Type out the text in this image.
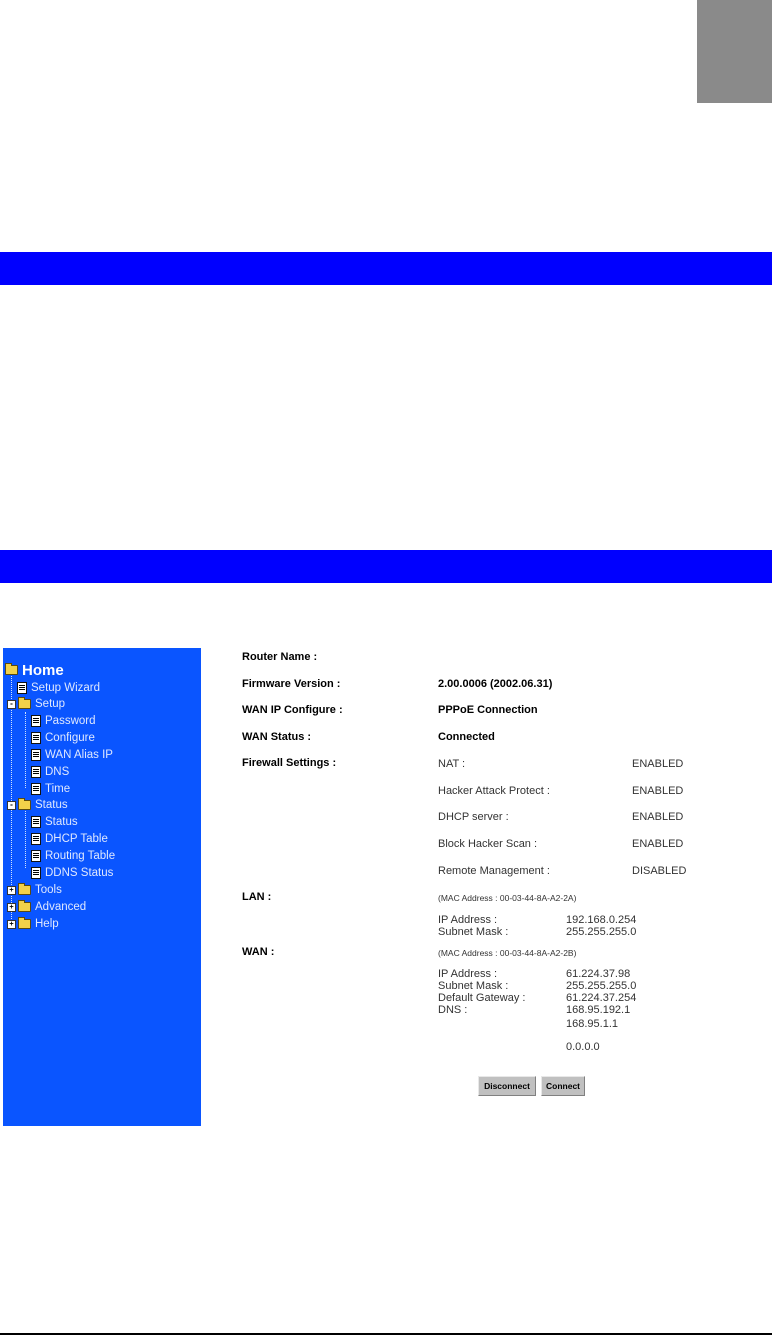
Home
Setup Wizard
- Setup
Password
Configure
WAN Alias IP
DNS
Time
- Status
Status
DHCP Table
Routing Table
DDNS Status
+ Tools
+ Advanced
+ Help
Router Name :
Firmware Version :	2.00.0006 (2002.06.31)
WAN IP Configure :	PPPoE Connection
WAN Status :	Connected
Firewall Settings :	NAT :	ENABLED
Hacker Attack Protect :	ENABLED
DHCP server :	ENABLED
Block Hacker Scan :	ENABLED
Remote Management :	DISABLED
LAN :	(MAC Address : 00-03-44-8A-A2-2A)
IP Address :	192.168.0.254
Subnet Mask :	255.255.255.0
WAN :	(MAC Address : 00-03-44-8A-A2-2B)
IP Address :	61.224.37.98
Subnet Mask :	255.255.255.0
Default Gateway :	61.224.37.254
DNS :	168.95.192.1
168.95.1.1
0.0.0.0
Disconnect	Connect
